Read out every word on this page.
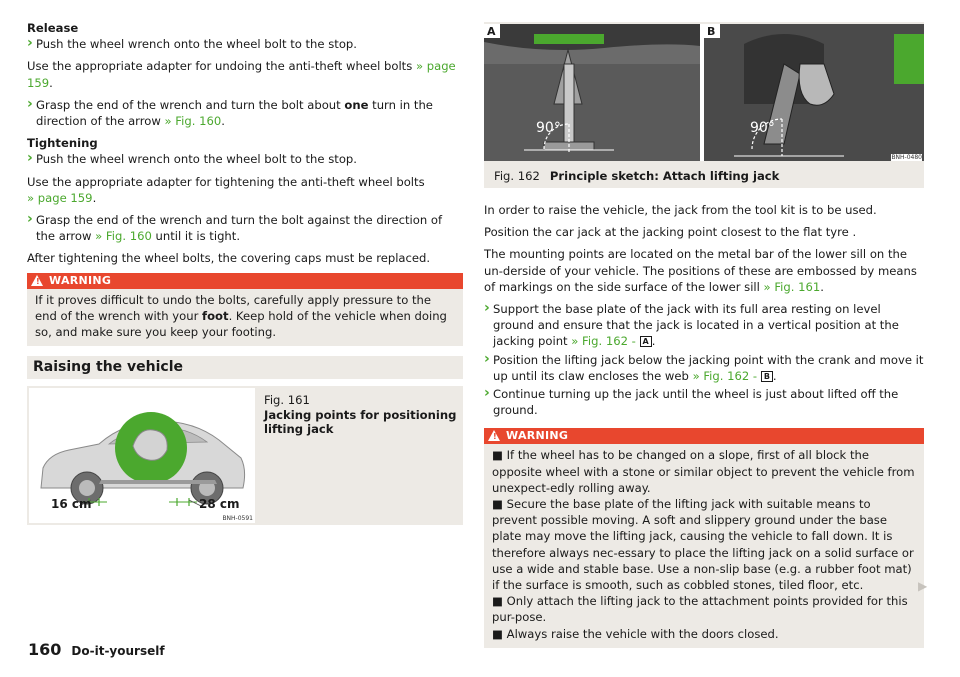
Release

› Push the wheel wrench onto the wheel bolt to the stop.

Use the appropriate adapter for undoing the anti-theft wheel bolts » page 159.

› Grasp the end of the wrench and turn the bolt about one turn in the direction of the arrow » Fig. 160.

Tightening

› Push the wheel wrench onto the wheel bolt to the stop.

Use the appropriate adapter for tightening the anti-theft wheel bolts
» page 159.

› Grasp the end of the wrench and turn the bolt against the direction of the arrow » Fig. 160 until it is tight.

After tightening the wheel bolts, the covering caps must be replaced.

! WARNING
If it proves difficult to undo the bolts, carefully apply pressure to the end of the wrench with your foot. Keep hold of the vehicle when doing so, and make sure you keep your footing.
Raising the vehicle
16 cm	28 cm
BNH-0591
Fig. 161
Jacking points for positioning lifting jack
A	B
90°	90°
BNH-0480
Fig. 162 Principle sketch: Attach lifting jack

In order to raise the vehicle, the jack from the tool kit is to be used.

Position the car jack at the jacking point closest to the flat tyre .

The mounting points are located on the metal bar of the lower sill on the un-derside of your vehicle. The positions of these are embossed by means of markings on the side surface of the lower sill » Fig. 161.

› Support the base plate of the jack with its full area resting on level ground and ensure that the jack is located in a vertical position at the jacking point » Fig. 162 - A .

› Position the lifting jack below the jacking point with the crank and move it up until its claw encloses the web » Fig. 162 - B .

› Continue turning up the jack until the wheel is just about lifted off the ground.

! WARNING

■ If the wheel has to be changed on a slope, first of all block the opposite wheel with a stone or similar object to prevent the vehicle from unexpect-edly rolling away.

■ Secure the base plate of the lifting jack with suitable means to prevent possible moving. A soft and slippery ground under the base plate may move the lifting jack, causing the vehicle to fall down. It is therefore always nec-essary to place the lifting jack on a solid surface or use a wide and stable base. Use a non-slip base (e.g. a rubber foot mat) if the surface is smooth, such as cobbled stones, tiled floor, etc.

■ Only attach the lifting jack to the attachment points provided for this pur-pose.

■ Always raise the vehicle with the doors closed.

▶
160 Do-it-yourself
